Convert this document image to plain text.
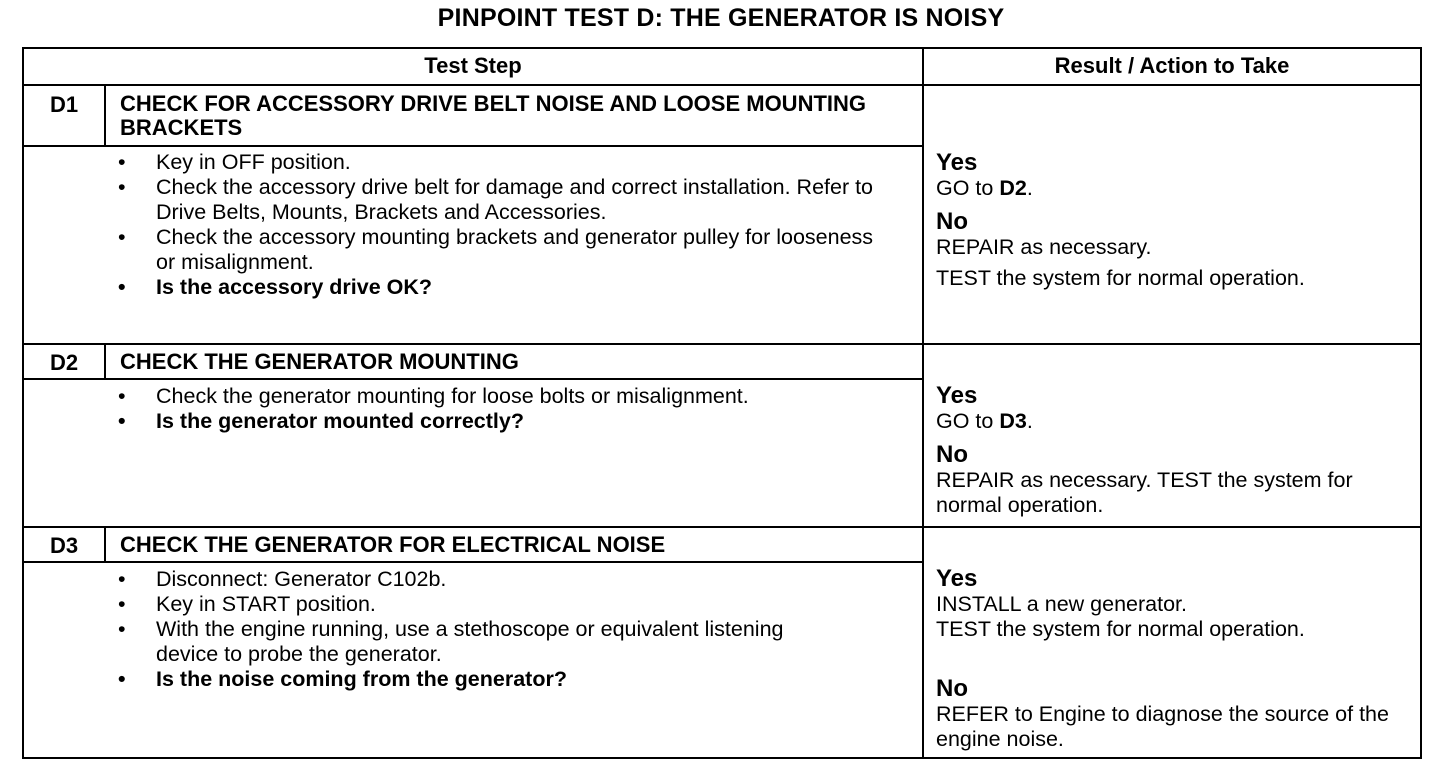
PINPOINT TEST D: THE GENERATOR IS NOISY
Test Step	Result / Action to Take
D1	CHECK FOR ACCESSORY DRIVE BELT NOISE AND LOOSE MOUNTING BRACKETS
• Key in OFF position.
• Check the accessory drive belt for damage and correct installation. Refer to Drive Belts, Mounts, Brackets and Accessories.
• Check the accessory mounting brackets and generator pulley for looseness or misalignment.
• Is the accessory drive OK?
Yes
GO to D2.
No
REPAIR as necessary.
TEST the system for normal operation.
D2	CHECK THE GENERATOR MOUNTING
• Check the generator mounting for loose bolts or misalignment.
• Is the generator mounted correctly?
Yes
GO to D3.
No
REPAIR as necessary. TEST the system for normal operation.
D3	CHECK THE GENERATOR FOR ELECTRICAL NOISE
• Disconnect: Generator C102b.
• Key in START position.
• With the engine running, use a stethoscope or equivalent listening device to probe the generator.
• Is the noise coming from the generator?
Yes
INSTALL a new generator.
TEST the system for normal operation.
No
REFER to Engine to diagnose the source of the engine noise.
